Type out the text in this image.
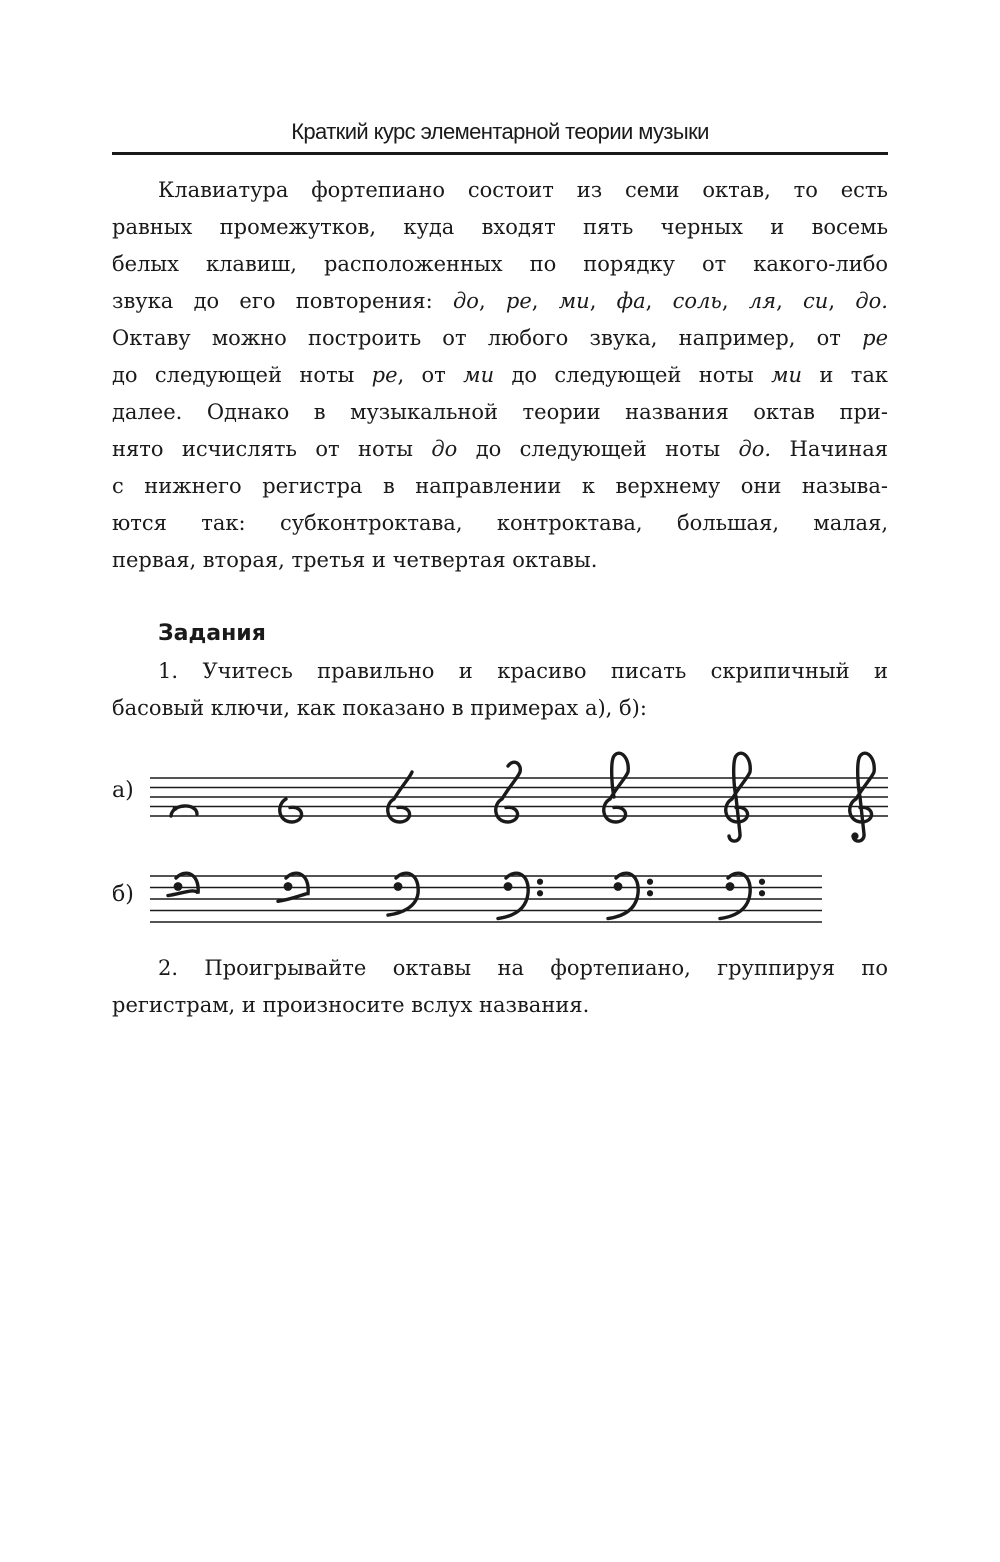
Краткий курс элементарной теории музыки
Клавиатура фортепиано состоит из семи октав, то есть
равных промежутков, куда входят пять черных и восемь
белых клавиш, расположенных по порядку от какого-либо
звука до его повторения: до, ре, ми, фа, соль, ля, си, до.
Октаву можно построить от любого звука, например, от ре
до следующей ноты ре, от ми до следующей ноты ми и так
далее. Однако в музыкальной теории названия октав при-
нято исчислять от ноты до до следующей ноты до. Начиная
с нижнего регистра в направлении к верхнему они называ-
ются так: субконтроктава, контроктава, большая, малая,
первая, вторая, третья и четвертая октавы.
Задания
1. Учитесь правильно и красиво писать скрипичный и
басовый ключи, как показано в примерах а), б):
а)
б)
2. Проигрывайте октавы на фортепиано, группируя по
регистрам, и произносите вслух названия.
